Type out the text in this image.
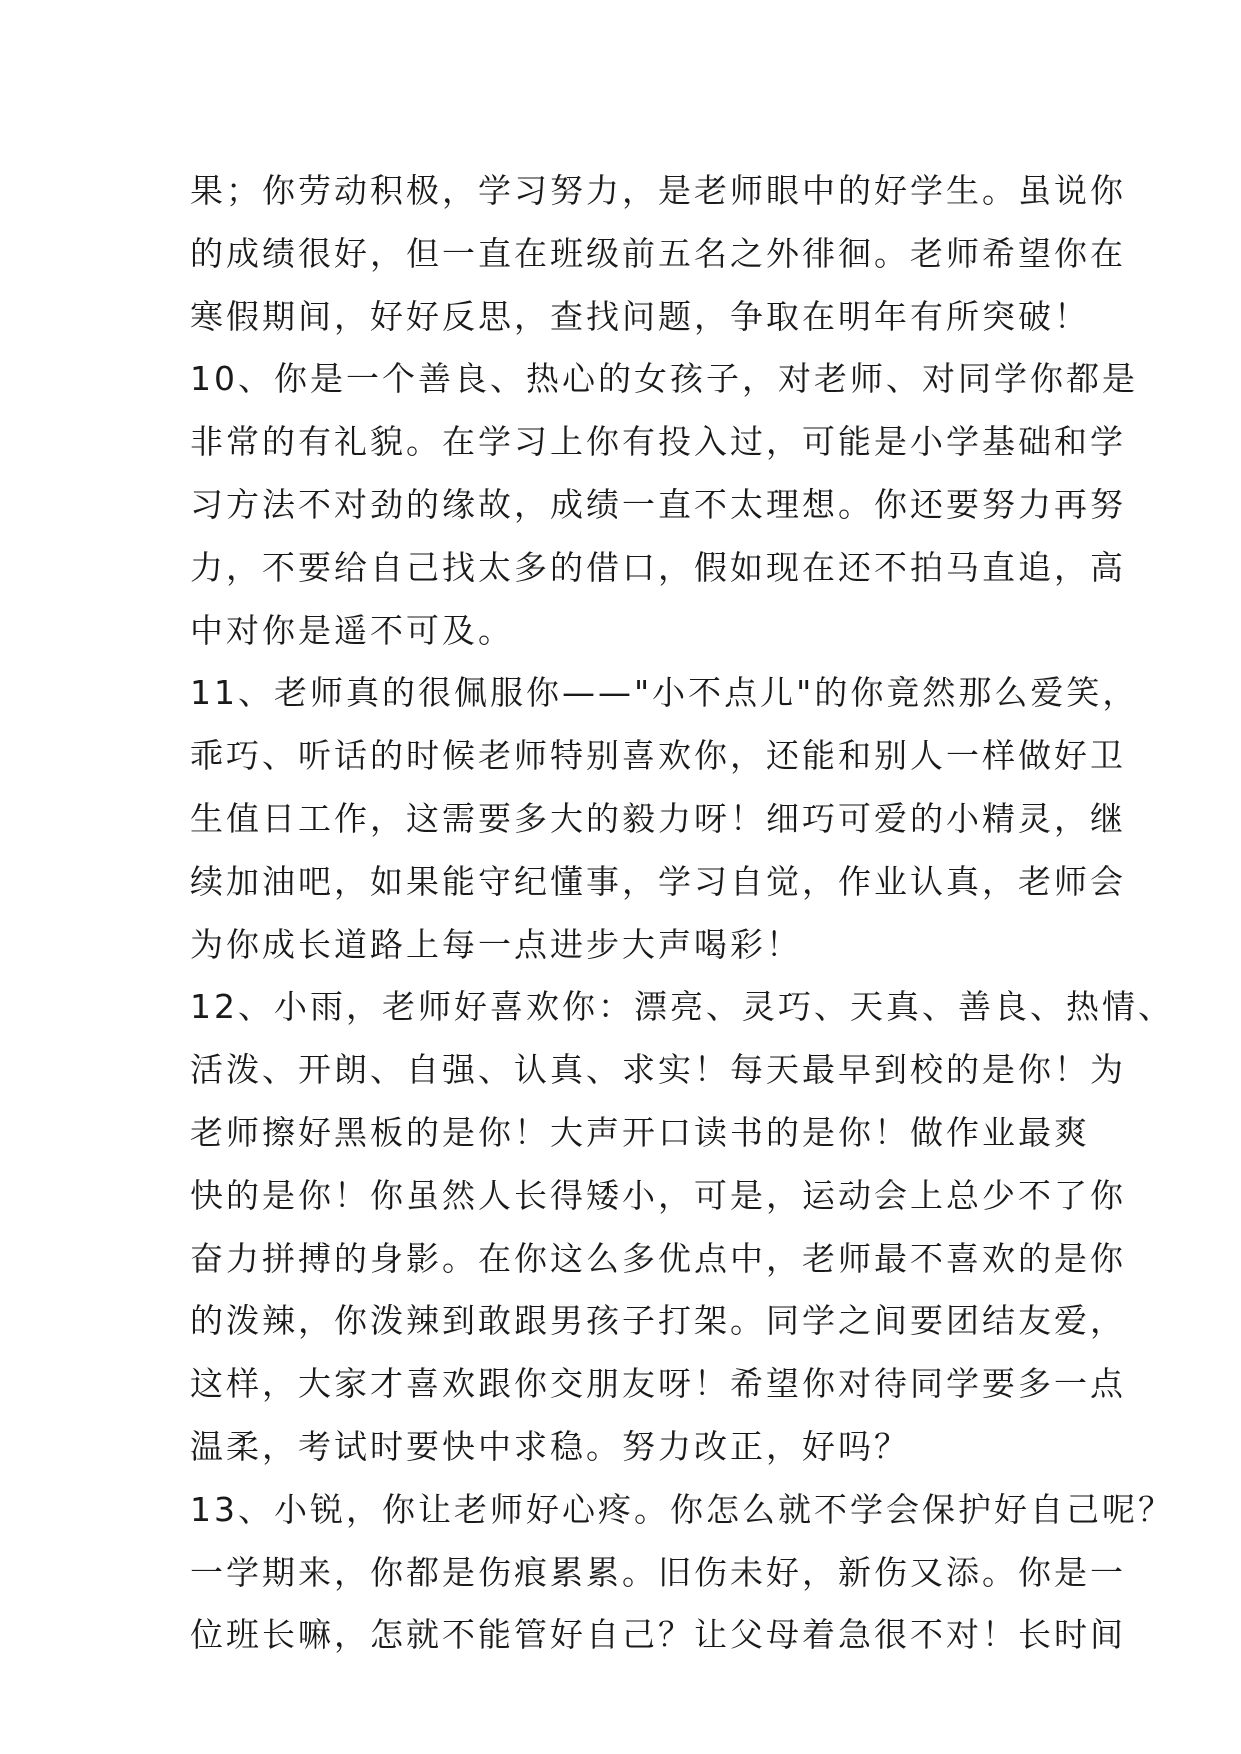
果；你劳动积极，学习努力，是老师眼中的好学生。虽说你
的成绩很好，但一直在班级前五名之外徘徊。老师希望你在
寒假期间，好好反思，查找问题，争取在明年有所突破！
10、你是一个善良、热心的女孩子，对老师、对同学你都是
非常的有礼貌。在学习上你有投入过，可能是小学基础和学
习方法不对劲的缘故，成绩一直不太理想。你还要努力再努
力，不要给自己找太多的借口，假如现在还不拍马直追，高
中对你是遥不可及。
11、老师真的很佩服你——"小不点儿"的你竟然那么爱笑，
乖巧、听话的时候老师特别喜欢你，还能和别人一样做好卫
生值日工作，这需要多大的毅力呀！细巧可爱的小精灵，继
续加油吧，如果能守纪懂事，学习自觉，作业认真，老师会
为你成长道路上每一点进步大声喝彩！
12、小雨，老师好喜欢你：漂亮、灵巧、天真、善良、热情、
活泼、开朗、自强、认真、求实！每天最早到校的是你！为
老师擦好黑板的是你！大声开口读书的是你！做作业最爽
快的是你！你虽然人长得矮小，可是，运动会上总少不了你
奋力拼搏的身影。在你这么多优点中，老师最不喜欢的是你
的泼辣，你泼辣到敢跟男孩子打架。同学之间要团结友爱，
这样，大家才喜欢跟你交朋友呀！希望你对待同学要多一点
温柔，考试时要快中求稳。努力改正，好吗？
13、小锐，你让老师好心疼。你怎么就不学会保护好自己呢？
一学期来，你都是伤痕累累。旧伤未好，新伤又添。你是一
位班长嘛，怎就不能管好自己？让父母着急很不对！长时间
